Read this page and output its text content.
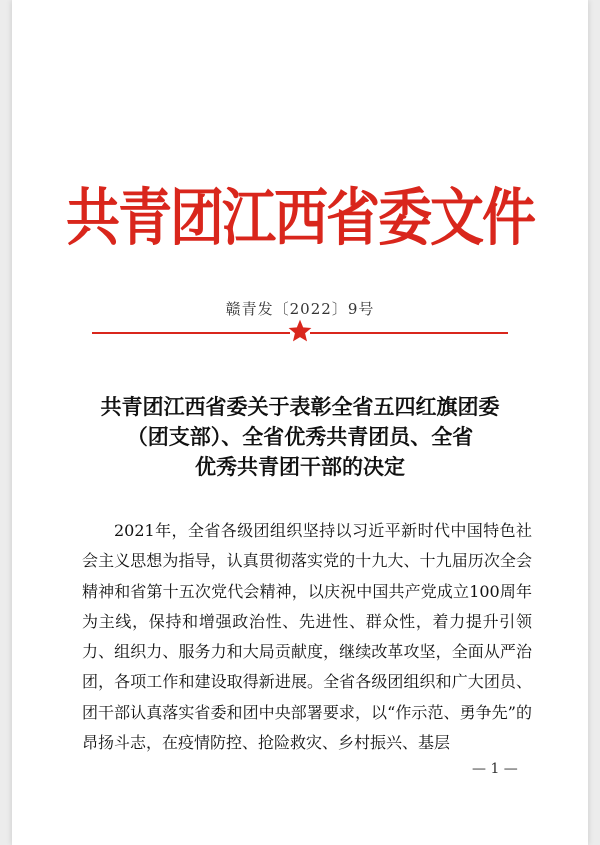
共青团江西省委文件
赣青发〔2022〕9号
共青团江西省委关于表彰全省五四红旗团委
（团支部）、全省优秀共青团员、全省
优秀共青团干部的决定

2021年，全省各级团组织坚持以习近平新时代中国特色社会主义思想为指导，认真贯彻落实党的十九大、十九届历次全会精神和省第十五次党代会精神，以庆祝中国共产党成立100周年为主线，保持和增强政治性、先进性、群众性，着力提升引领力、组织力、服务力和大局贡献度，继续改革攻坚，全面从严治团，各项工作和建设取得新进展。全省各级团组织和广大团员、团干部认真落实省委和团中央部署要求，以“作示范、勇争先”的昂扬斗志，在疫情防控、抢险救灾、乡村振兴、基层

— 1 —
